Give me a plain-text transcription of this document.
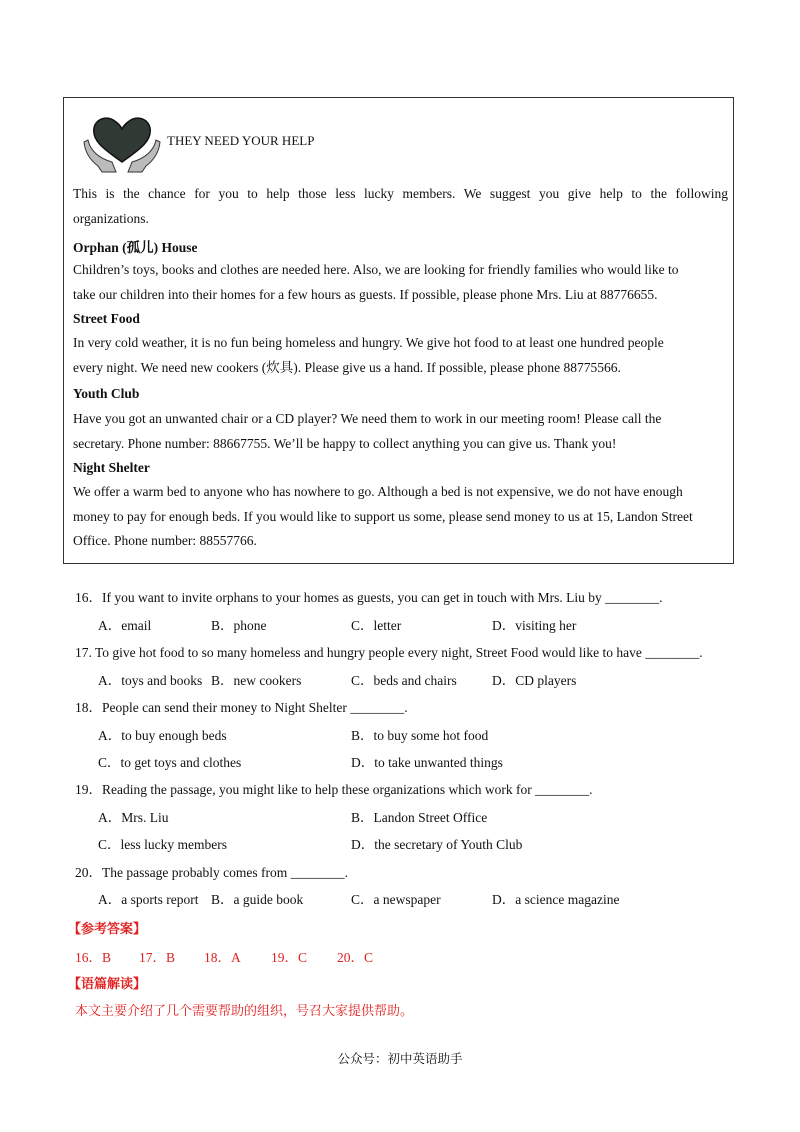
THEY NEED YOUR HELP
This is the chance for you to help those less lucky members. We suggest you give help to the following
organizations.
Orphan (孤儿) House
Children’s toys, books and clothes are needed here. Also, we are looking for friendly families who would like to
take our children into their homes for a few hours as guests. If possible, please phone Mrs. Liu at 88776655.
Street Food
In very cold weather, it is no fun being homeless and hungry. We give hot food to at least one hundred people
every night. We need new cookers (炊具). Please give us a hand. If possible, please phone 88775566.
Youth Club
Have you got an unwanted chair or a CD player? We need them to work in our meeting room! Please call the
secretary. Phone number: 88667755. We’ll be happy to collect anything you can give us. Thank you!
Night Shelter
We offer a warm bed to anyone who has nowhere to go. Although a bed is not expensive, we do not have enough
money to pay for enough beds. If you would like to support us some, please send money to us at 15, Landon Street
Office. Phone number: 88557766.
16．If you want to invite orphans to your homes as guests, you can get in touch with Mrs. Liu by ________.
A．email	B．phone	C．letter	D．visiting her
17. To give hot food to so many homeless and hungry people every night, Street Food would like to have ________.
A．toys and books B．new cookers	C．beds and chairs	D．CD players
18．People can send their money to Night Shelter ________.
A．to buy enough beds	B．to buy some hot food
C．to get toys and clothes	D．to take unwanted things
19．Reading the passage, you might like to help these organizations which work for ________.
A．Mrs. Liu	B．Landon Street Office
C．less lucky members	D．the secretary of Youth Club
20．The passage probably comes from ________.
A．a sports report B．a guide book	C．a newspaper	D．a science magazine
【参考答案】
16．B 17．B 18．A 19．C 20．C
【语篇解读】
本文主要介绍了几个需要帮助的组织，号召大家提供帮助。
公众号：初中英语助手
